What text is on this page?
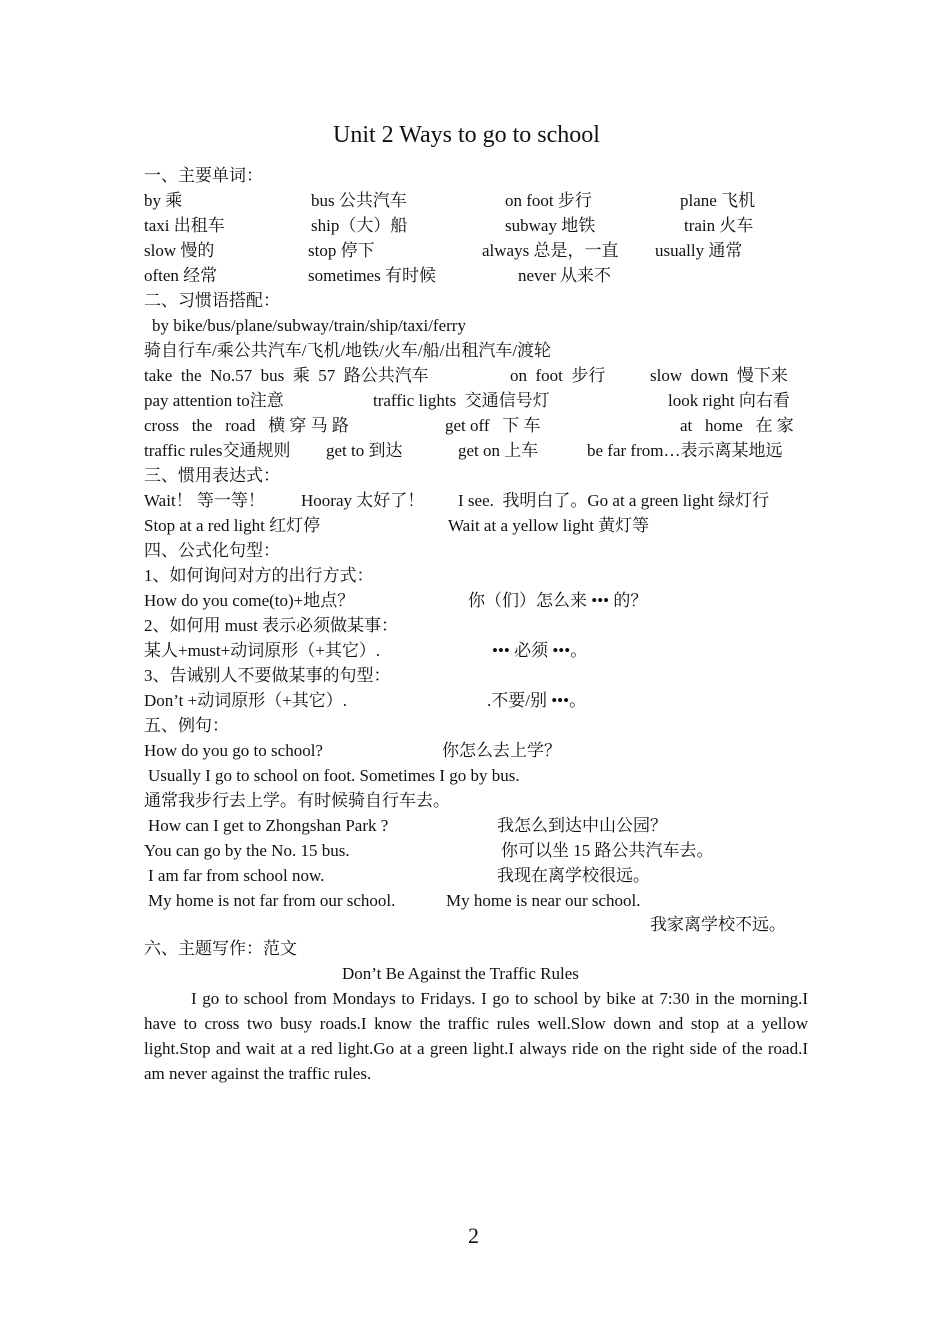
Unit 2 Ways to go to school
一、主要单词：
by 乘	bus 公共汽车	on foot 步行	plane 飞机
taxi 出租车	ship（大）船	subway 地铁	train 火车
slow 慢的	stop 停下	always 总是，一直 usually 通常
often 经常	sometimes 有时候	never 从来不
二、习惯语搭配：
by bike/bus/plane/subway/train/ship/taxi/ferry
骑自行车/乘公共汽车/飞机/地铁/火车/船/出租汽车/渡轮
take  the  No.57  bus  乘  57  路公共汽车	on  foot  步行	slow  down  慢下来
pay attention to注意	traffic lights  交通信号灯	look right 向右看
cross   the   road   横 穿 马 路	get off   下 车	at   home   在 家
traffic rules交通规则 get to 到达	get on 上车	be far from…表示离某地远
三、惯用表达式：
Wait！ 等一等！ Hooray 太好了！ I see.  我明白了。Go at a green light 绿灯行
Stop at a red light 红灯停	Wait at a yellow light 黄灯等
四、公式化句型：
1、如何询问对方的出行方式：
How do you come(to)+地点？	你（们）怎么来 ••• 的？
2、如何用 must 表示必须做某事：
某人+must+动词原形（+其它）.	••• 必须 •••。
3、告诫别人不要做某事的句型：
Don’t +动词原形（+其它）.	.不要/别 •••。
五、例句：
How do you go to school?	你怎么去上学？
Usually I go to school on foot. Sometimes I go by bus.
通常我步行去上学。有时候骑自行车去。
How can I get to Zhongshan Park ?	我怎么到达中山公园？
You can go by the No. 15 bus.	你可以坐 15 路公共汽车去。
I am far from school now.	我现在离学校很远。
My home is not far from our school.	My home is near our school.
我家离学校不远。
六、主题写作：范文
Don’t Be Against the Traffic Rules
I go to school from Mondays to Fridays. I go to school by bike at 7:30 in the morning.I have to cross two busy roads.I know the traffic rules well.Slow down and stop at a yellow light.Stop and wait at a red light.Go at a green light.I always ride on the right side of the road.I am never against the traffic rules.
2
